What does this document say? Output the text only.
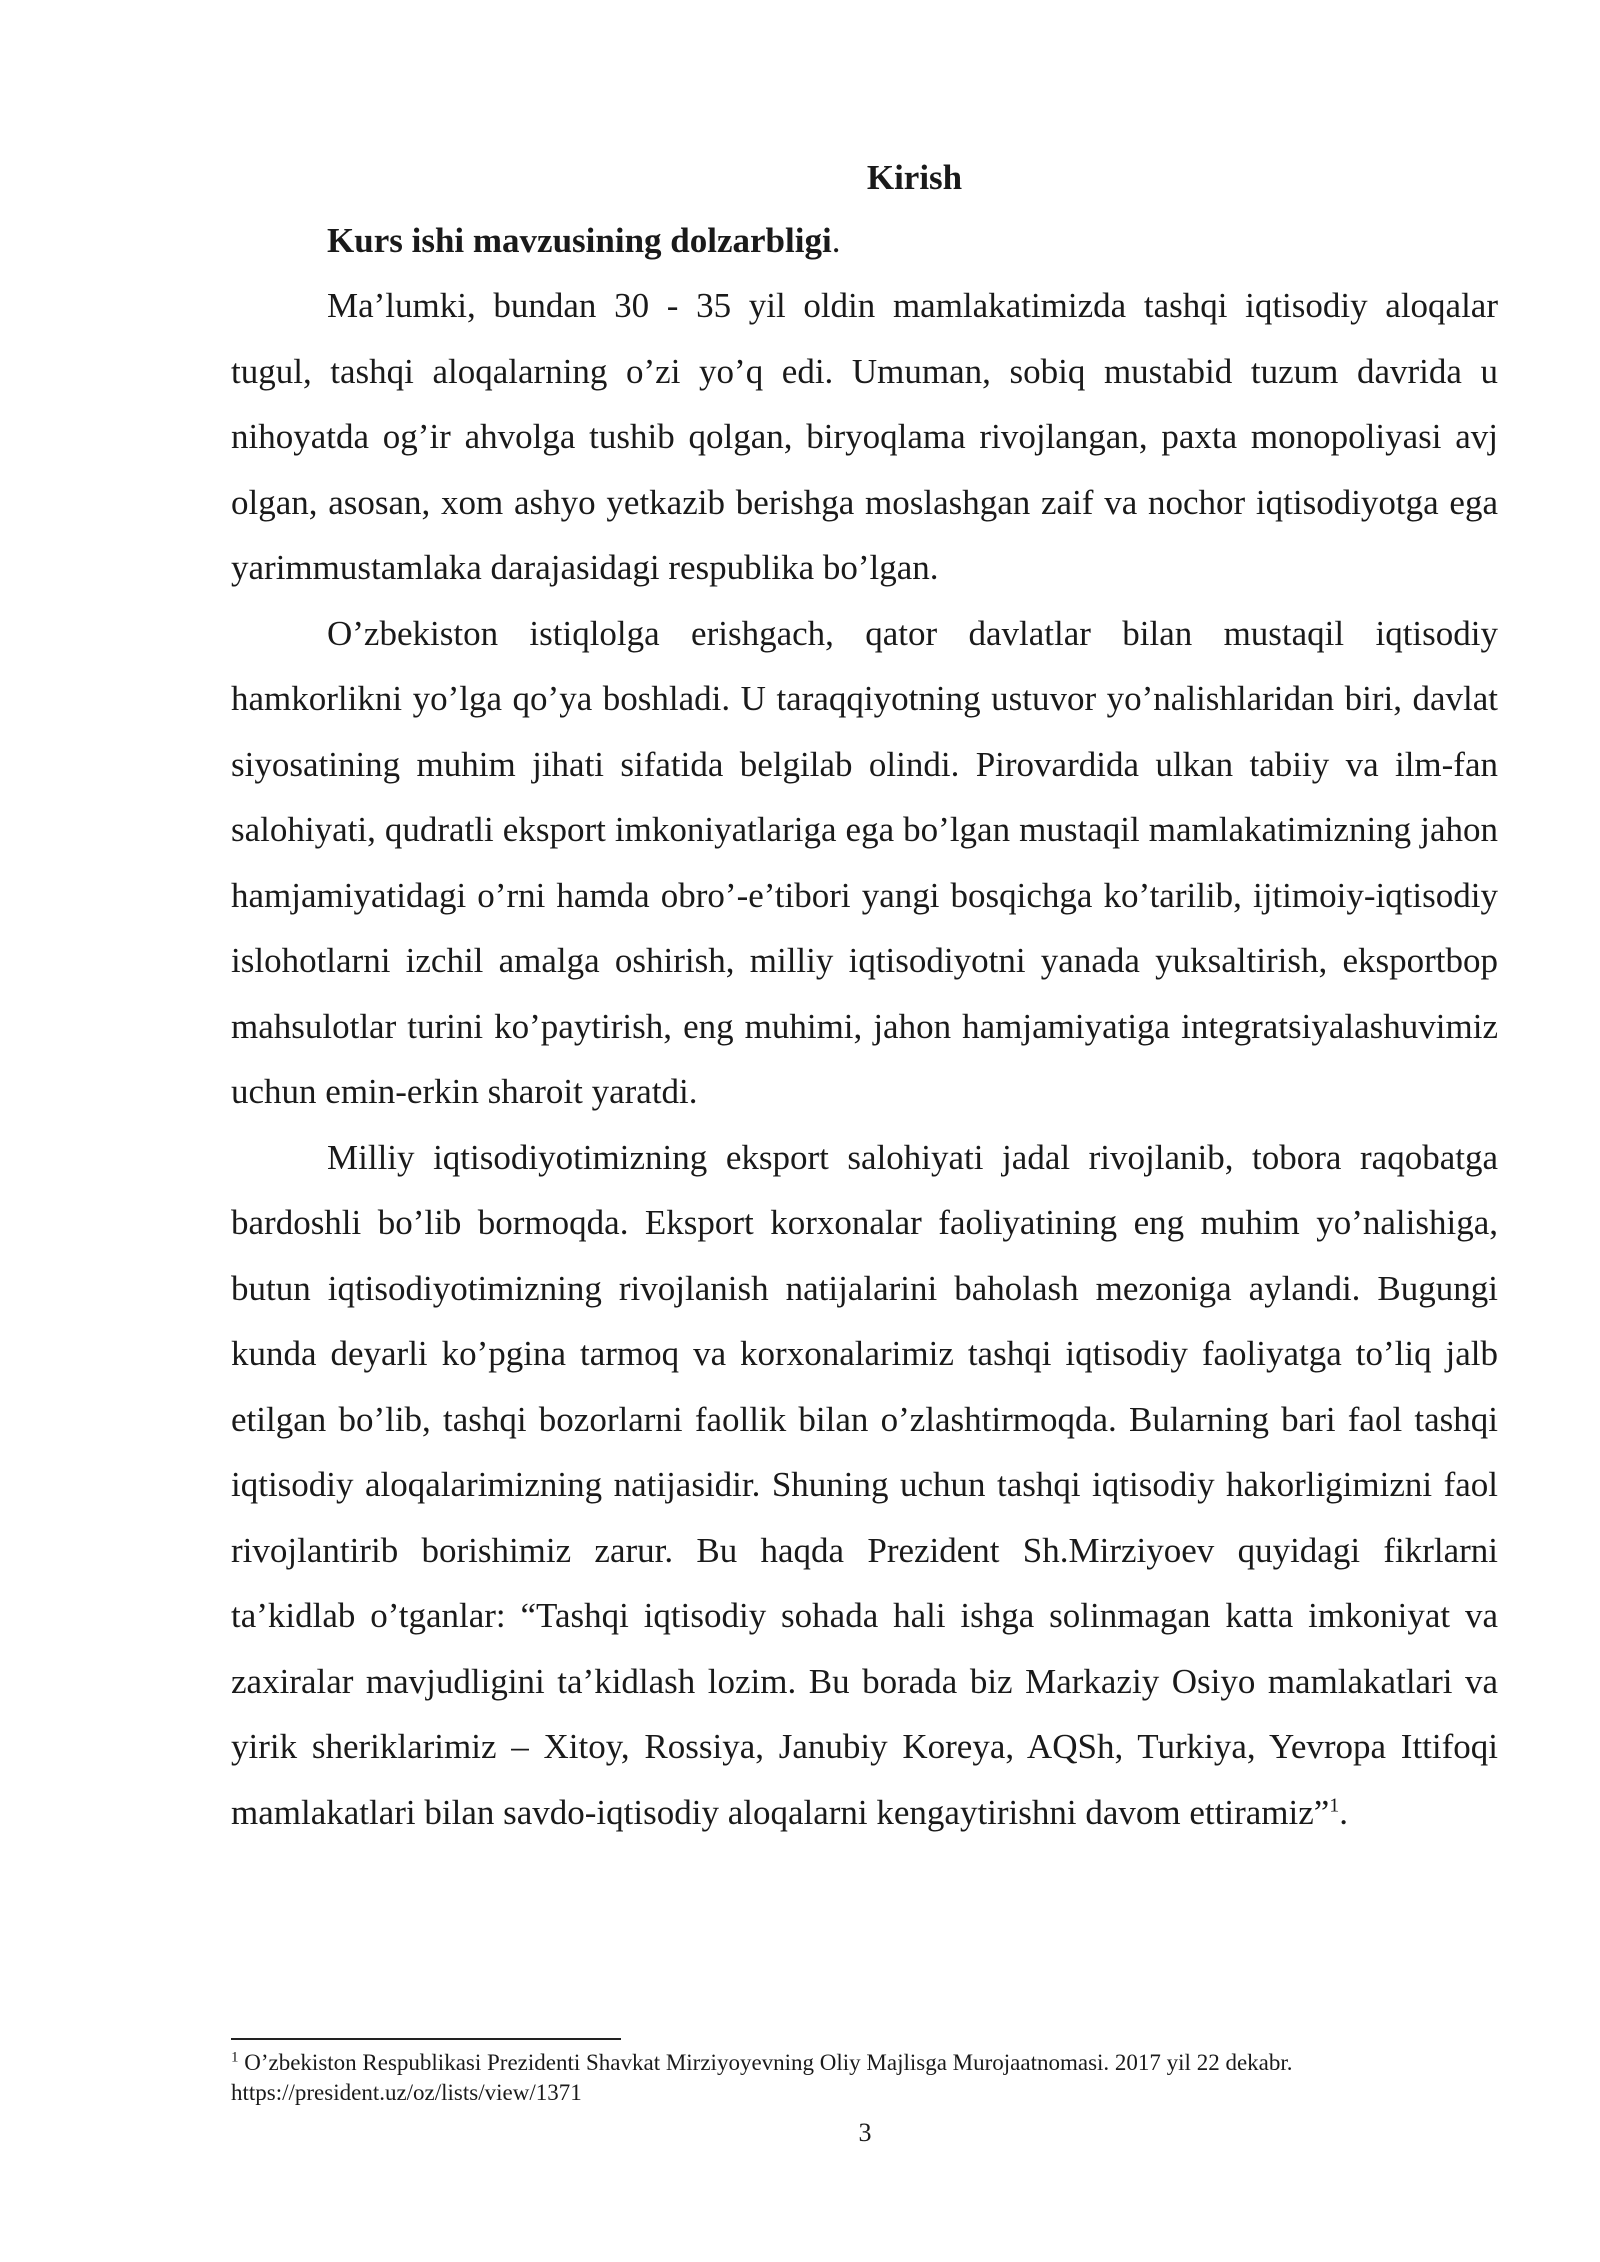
Kirish

Kurs ishi mavzusining dolzarbligi.

Ma’lumki, bundan 30 - 35 yil oldin mamlakatimizda tashqi iqtisodiy aloqalar tugul, tashqi aloqalarning o’zi yo’q edi. Umuman, sobiq mustabid tuzum davrida u nihoyatda og’ir ahvolga tushib qolgan, biryoqlama rivojlangan, paxta monopoliyasi avj olgan, asosan, xom ashyo yetkazib berishga moslashgan zaif va nochor iqtisodiyotga ega yarimmustamlaka darajasidagi respublika bo’lgan.

O’zbekiston istiqlolga erishgach, qator davlatlar bilan mustaqil iqtisodiy hamkorlikni yo’lga qo’ya boshladi. U taraqqiyotning ustuvor yo’nalishlaridan biri, davlat siyosatining muhim jihati sifatida belgilab olindi. Pirovardida ulkan tabiiy va ilm-fan salohiyati, qudratli eksport imkoniyatlariga ega bo’lgan mustaqil mamlakatimizning jahon hamjamiyatidagi o’rni hamda obro’-e’tibori yangi bosqichga ko’tarilib, ijtimoiy-iqtisodiy islohotlarni izchil amalga oshirish, milliy iqtisodiyotni yanada yuksaltirish, eksportbop mahsulotlar turini ko’paytirish, eng muhimi, jahon hamjamiyatiga integratsiyalashuvimiz uchun emin-erkin sharoit yaratdi.

Milliy iqtisodiyotimizning eksport salohiyati jadal rivojlanib, tobora raqobatga bardoshli bo’lib bormoqda. Eksport korxonalar faoliyatining eng muhim yo’nalishiga, butun iqtisodiyotimizning rivojlanish natijalarini baholash mezoniga aylandi. Bugungi kunda deyarli ko’pgina tarmoq va korxonalarimiz tashqi iqtisodiy faoliyatga to’liq jalb etilgan bo’lib, tashqi bozorlarni faollik bilan o’zlashtirmoqda. Bularning bari faol tashqi iqtisodiy aloqalarimizning natijasidir. Shuning uchun tashqi iqtisodiy hakorligimizni faol rivojlantirib borishimiz zarur. Bu haqda Prezident Sh.Mirziyoev quyidagi fikrlarni ta’kidlab o’tganlar: “Tashqi iqtisodiy sohada hali ishga solinmagan katta imkoniyat va zaxiralar mavjudligini ta’kidlash lozim. Bu borada biz Markaziy Osiyo mamlakatlari va yirik sheriklarimiz – Xitoy, Rossiya, Janubiy Koreya, AQSh, Turkiya, Yevropa Ittifoqi mamlakatlari bilan savdo-iqtisodiy aloqalarni kengaytirishni davom ettiramiz”$^1$.

$^1$ O’zbekiston Respublikasi Prezidenti Shavkat Mirziyoyevning Oliy Majlisga Murojaatnomasi. 2017 yil 22 dekabr.
https://president.uz/oz/lists/view/1371

3
